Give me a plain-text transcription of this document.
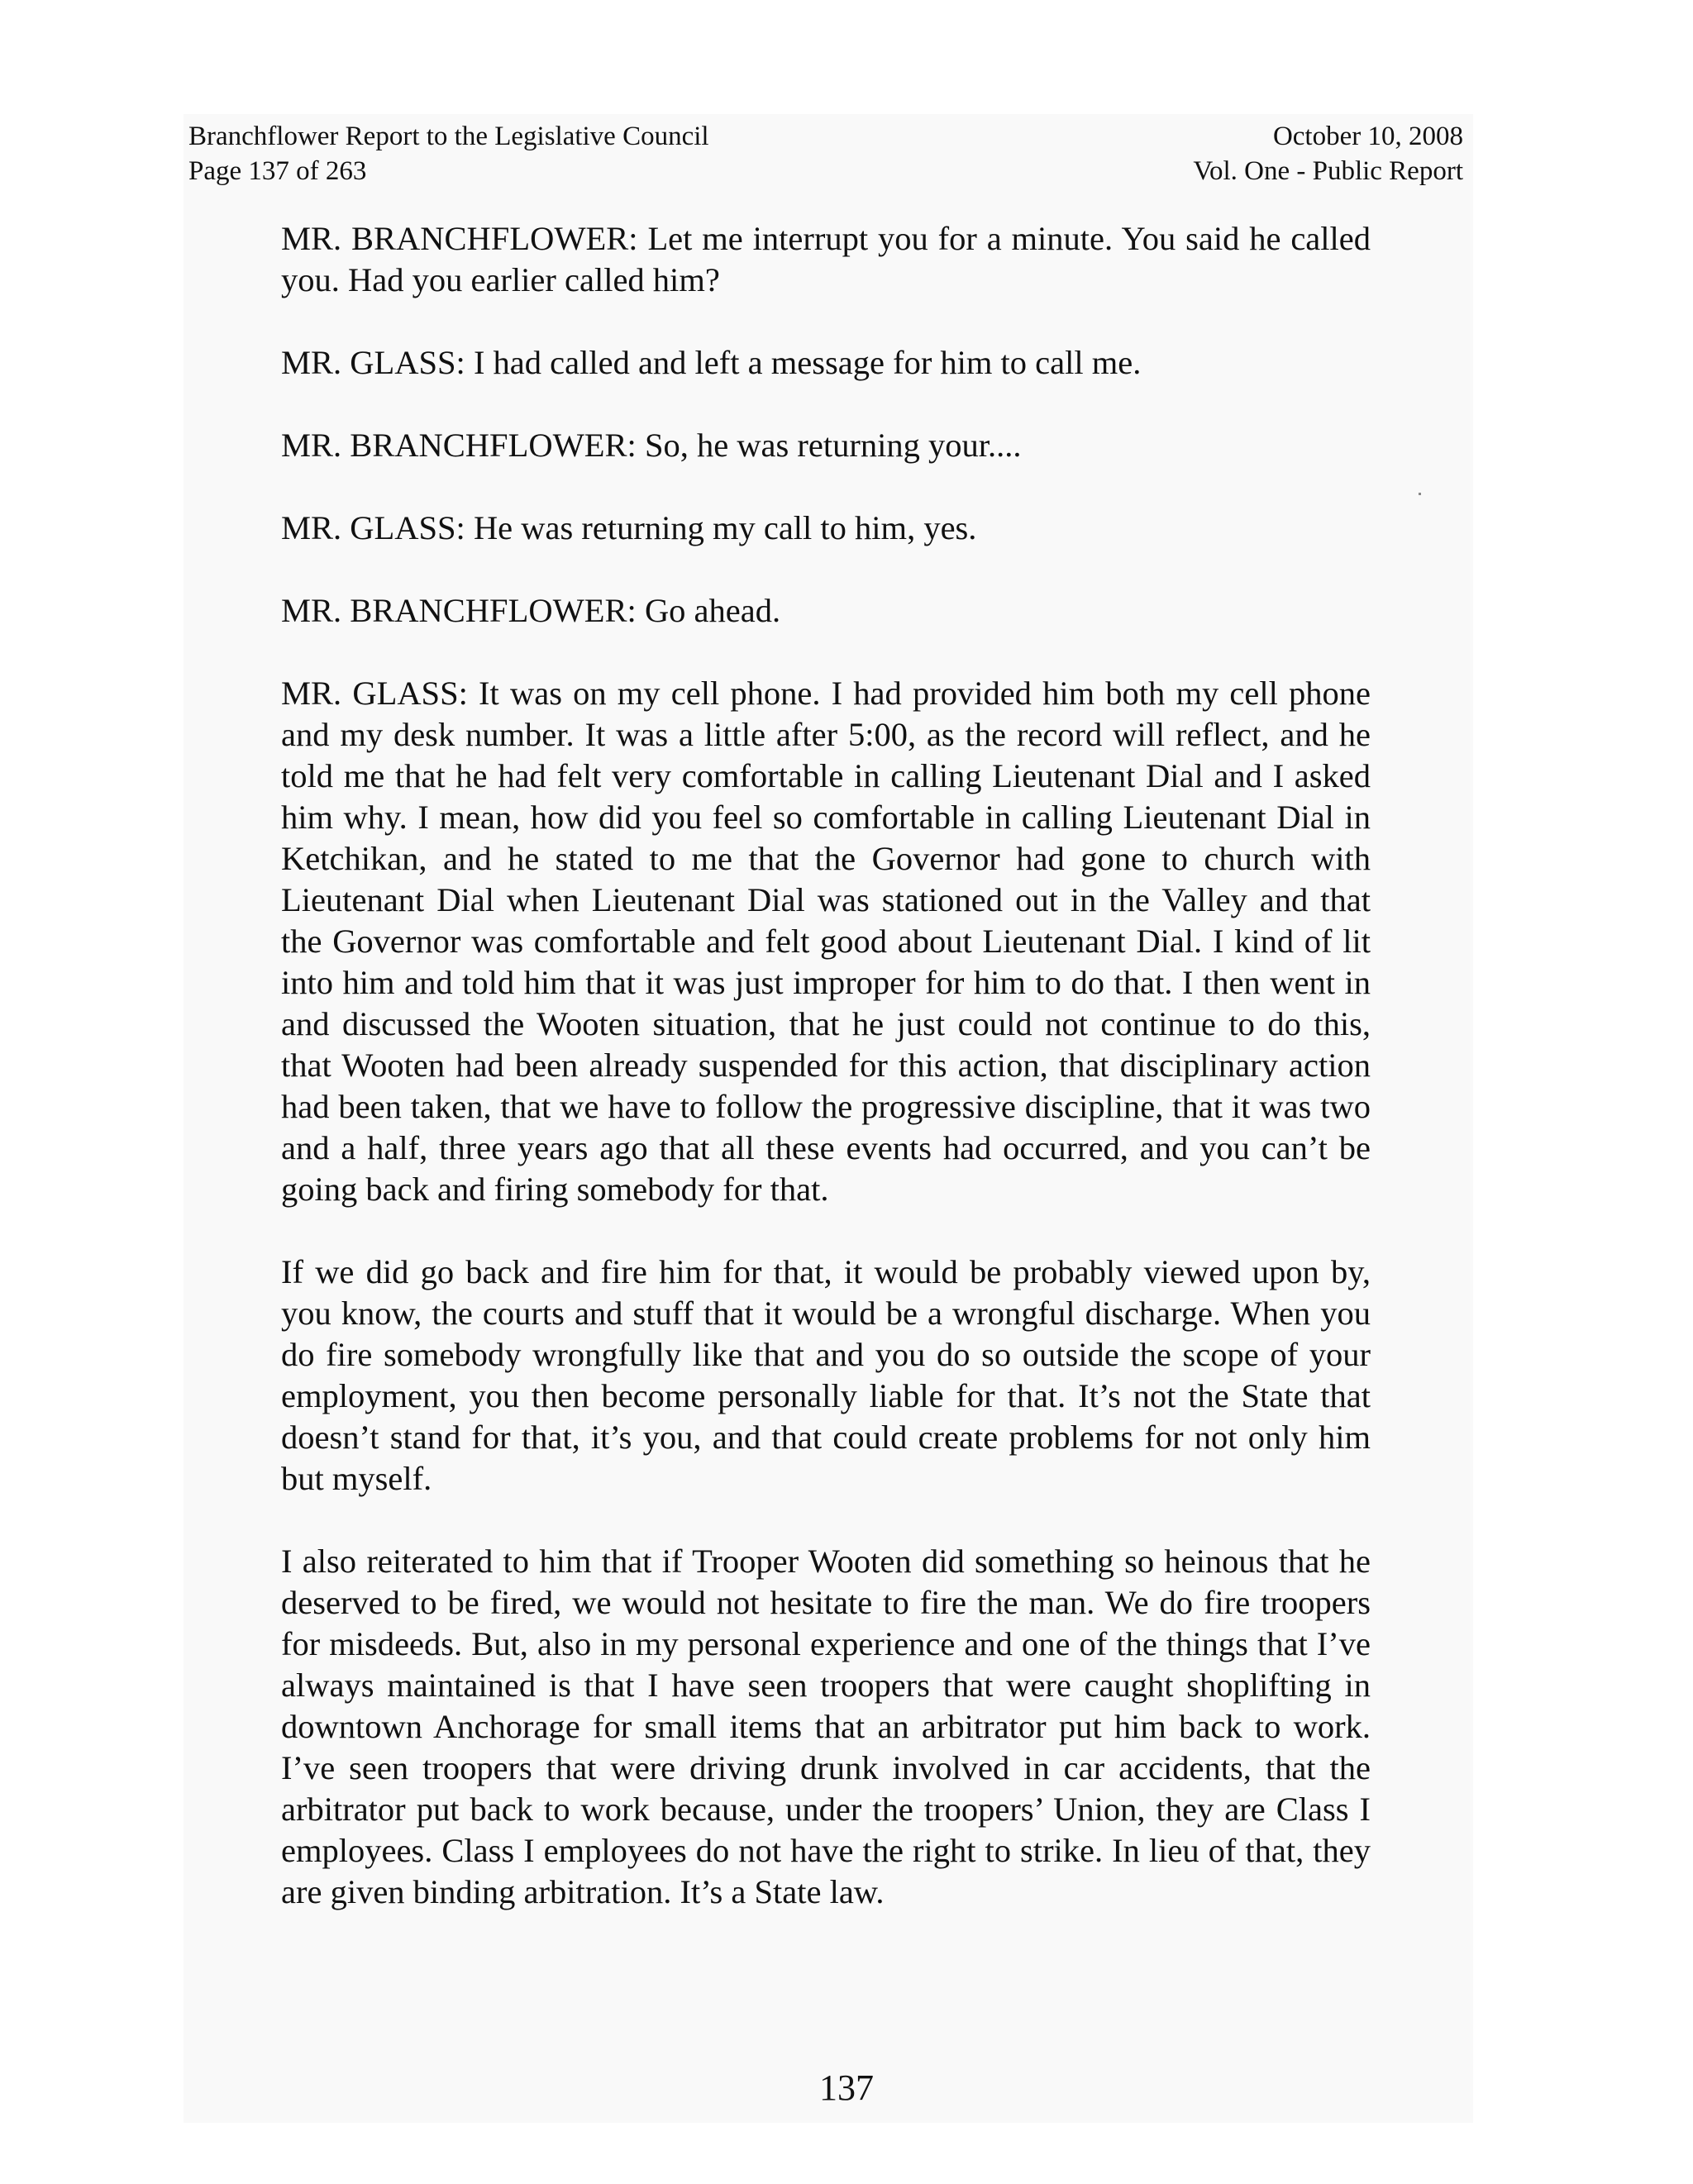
Branchflower Report to the Legislative Council
Page 137 of 263
October 10, 2008
Vol. One - Public Report

MR. BRANCHFLOWER: Let me interrupt you for a minute. You said he called you. Had you earlier called him?

MR. GLASS: I had called and left a message for him to call me.

MR. BRANCHFLOWER: So, he was returning your....

MR. GLASS: He was returning my call to him, yes.

MR. BRANCHFLOWER: Go ahead.

MR. GLASS: It was on my cell phone. I had provided him both my cell phone and my desk number. It was a little after 5:00, as the record will reflect, and he told me that he had felt very comfortable in calling Lieutenant Dial and I asked him why. I mean, how did you feel so comfortable in calling Lieutenant Dial in Ketchikan, and he stated to me that the Governor had gone to church with Lieutenant Dial when Lieutenant Dial was stationed out in the Valley and that the Governor was comfortable and felt good about Lieutenant Dial. I kind of lit into him and told him that it was just improper for him to do that. I then went in and discussed the Wooten situation, that he just could not continue to do this, that Wooten had been already suspended for this action, that disciplinary action had been taken, that we have to follow the progressive discipline, that it was two and a half, three years ago that all these events had occurred, and you can’t be going back and firing somebody for that.

If we did go back and fire him for that, it would be probably viewed upon by, you know, the courts and stuff that it would be a wrongful discharge. When you do fire somebody wrongfully like that and you do so outside the scope of your employment, you then become personally liable for that. It’s not the State that doesn’t stand for that, it’s you, and that could create problems for not only him but myself.

I also reiterated to him that if Trooper Wooten did something so heinous that he deserved to be fired, we would not hesitate to fire the man. We do fire troopers for misdeeds. But, also in my personal experience and one of the things that I’ve always maintained is that I have seen troopers that were caught shoplifting in downtown Anchorage for small items that an arbitrator put him back to work. I’ve seen troopers that were driving drunk involved in car accidents, that the arbitrator put back to work because, under the troopers’ Union, they are Class I employees. Class I employees do not have the right to strike. In lieu of that, they are given binding arbitration. It’s a State law.

137
